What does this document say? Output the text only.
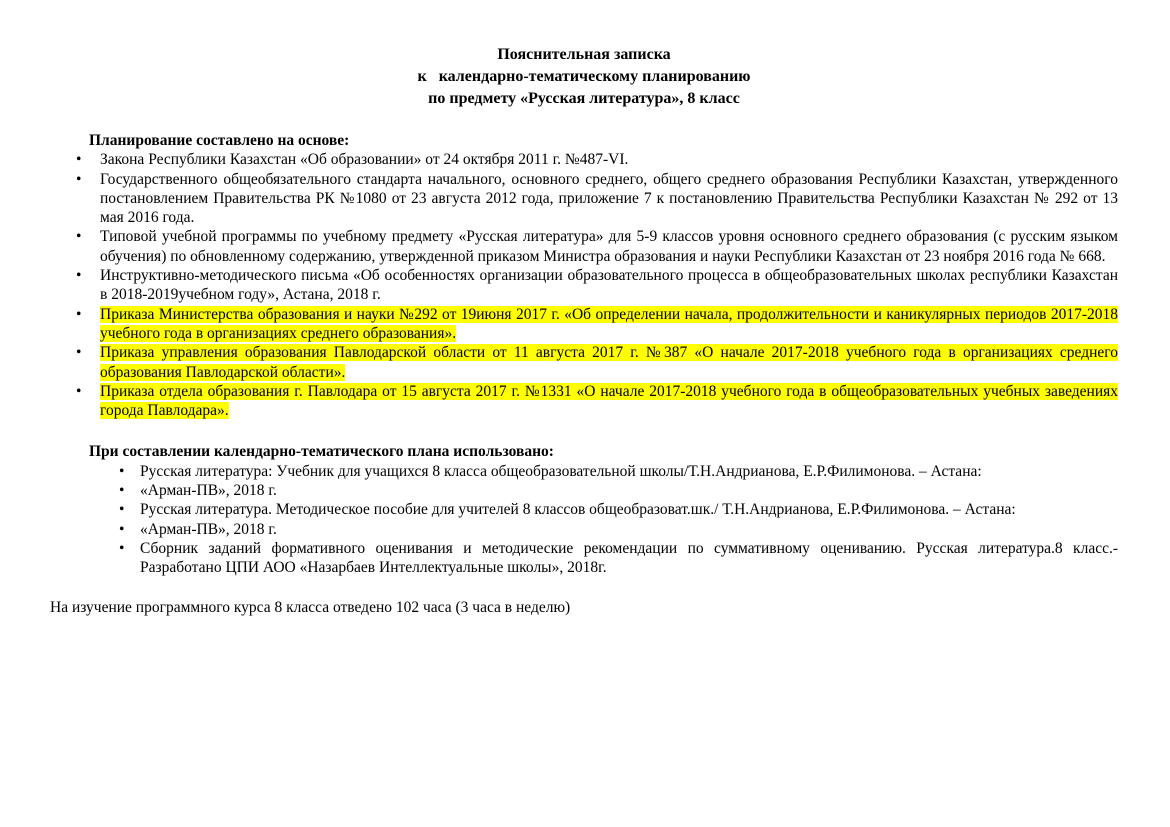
Пояснительная записка
к   календарно-тематическому планированию
по предмету «Русская литература», 8 класс
Планирование составлено на основе:
• Закона Республики Казахстан «Об образовании» от 24 октября 2011 г. №487-VI.
• Государственного общеобязательного стандарта начального, основного среднего, общего среднего образования Республики Казахстан, утвержденного постановлением Правительства РК №1080 от 23 августа 2012 года, приложение 7 к постановлению Правительства Республики Казахстан № 292 от 13 мая 2016 года.
• Типовой учебной программы по учебному предмету «Русская литература» для 5-9 классов уровня основного среднего образования (с русским языком обучения) по обновленному содержанию, утвержденной приказом Министра образования и науки Республики Казахстан от 23 ноября 2016 года № 668.
• Инструктивно-методического письма «Об особенностях организации образовательного процесса в общеобразовательных школах республики Казахстан в 2018-2019учебном году», Астана, 2018 г.
• Приказа Министерства образования и науки №292 от 19июня 2017 г. «Об определении начала, продолжительности и каникулярных периодов 2017-2018 учебного года в организациях среднего образования».
• Приказа управления образования Павлодарской области от 11 августа 2017 г. №387 «О начале 2017-2018 учебного года в организациях среднего образования Павлодарской области».
• Приказа отдела образования г. Павлодара от 15 августа 2017 г. №1331 «О начале 2017-2018 учебного года в общеобразовательных учебных заведениях города Павлодара».
При составлении календарно-тематического плана использовано:
• Русская литература: Учебник для учащихся 8 класса общеобразовательной школы/Т.Н.Андрианова, Е.Р.Филимонова. – Астана:
• «Арман-ПВ», 2018 г.
• Русская литература. Методическое пособие для учителей 8 классов общеобразоват.шк./ Т.Н.Андрианова, Е.Р.Филимонова. – Астана:
• «Арман-ПВ», 2018 г.
• Сборник заданий формативного оценивания и методические рекомендации по суммативному оцениванию. Русская литература.8 класс.- Разработано ЦПИ АОО «Назарбаев Интеллектуальные школы», 2018г.
На изучение программного курса 8 класса отведено 102 часа (3 часа в неделю)
